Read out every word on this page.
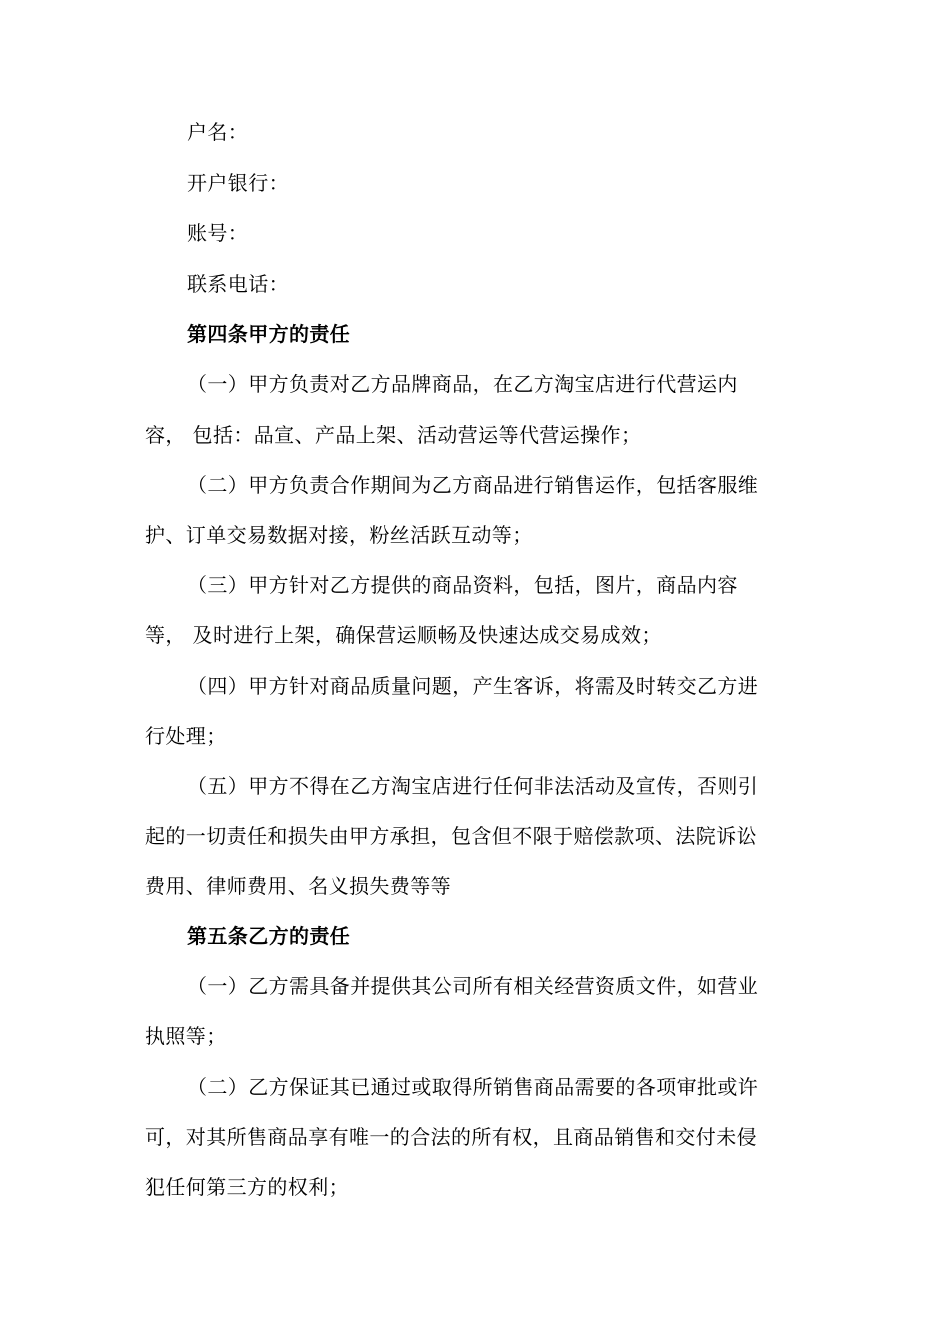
户名：
开户银行：
账号：
联系电话：
第四条甲方的责任
（一）甲方负责对乙方品牌商品，在乙方淘宝店进行代营运内
容， 包括：品宣、产品上架、活动营运等代营运操作；
（二）甲方负责合作期间为乙方商品进行销售运作，包括客服维
护、订单交易数据对接，粉丝活跃互动等；
（三）甲方针对乙方提供的商品资料，包括，图片，商品内容
等， 及时进行上架，确保营运顺畅及快速达成交易成效；
（四）甲方针对商品质量问题，产生客诉，将需及时转交乙方进
行处理；
（五）甲方不得在乙方淘宝店进行任何非法活动及宣传，否则引
起的一切责任和损失由甲方承担，包含但不限于赔偿款项、法院诉讼
费用、律师费用、名义损失费等等
第五条乙方的责任
（一）乙方需具备并提供其公司所有相关经营资质文件，如营业
执照等；
（二）乙方保证其已通过或取得所销售商品需要的各项审批或许
可，对其所售商品享有唯一的合法的所有权，且商品销售和交付未侵
犯任何第三方的权利；
